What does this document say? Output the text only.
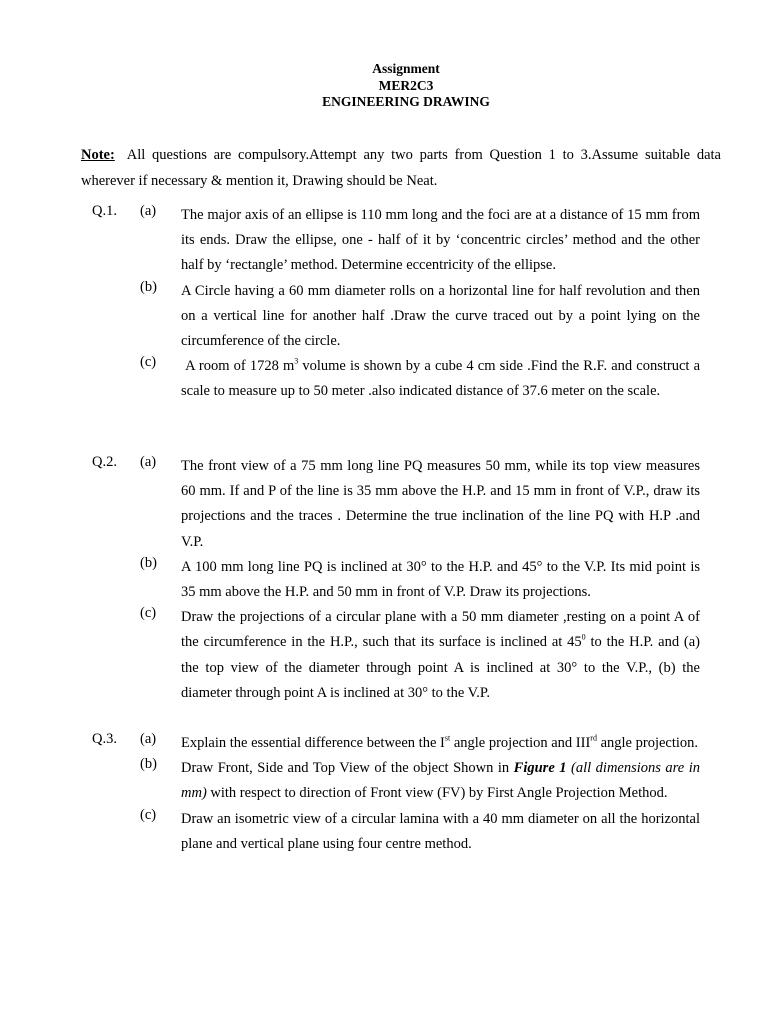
Assignment
MER2C3
ENGINEERING DRAWING
Note: All questions are compulsory.Attempt any two parts from Question 1 to 3.Assume suitable data wherever if necessary & mention it, Drawing should be Neat.
Q.1. (a) The major axis of an ellipse is 110 mm long and the foci are at a distance of 15 mm from its ends. Draw the ellipse, one - half of it by ‘concentric circles’ method and the other half by ‘rectangle’ method. Determine eccentricity of the ellipse.
(b) A Circle having a 60 mm diameter rolls on a horizontal line for half revolution and then on a vertical line for another half .Draw the curve traced out by a point lying on the circumference of the circle.
(c) A room of 1728 $m^3$ volume is shown by a cube 4 cm side .Find the R.F. and construct a scale to measure up to 50 meter .also indicated distance of 37.6 meter on the scale.
Q.2. (a) The front view of a 75 mm long line PQ measures 50 mm, while its top view measures 60 mm. If and P of the line is 35 mm above the H.P. and 15 mm in front of V.P., draw its projections and the traces . Determine the true inclination of the line PQ with H.P .and V.P.
(b) A 100 mm long line PQ is inclined at 30° to the H.P. and 45° to the V.P. Its mid point is 35 mm above the H.P. and 50 mm in front of V.P. Draw its projections.
(c) Draw the projections of a circular plane with a 50 mm diameter ,resting on a point A of the circumference in the H.P., such that its surface is inclined at $45^0$ to the H.P. and (a) the top view of the diameter through point A is inclined at 30° to the V.P., (b) the diameter through point A is inclined at 30° to the V.P.
Q.3. (a) Explain the essential difference between the Ist angle projection and IIIrd angle projection.
(b) Draw Front, Side and Top View of the object Shown in Figure 1 (all dimensions are in mm) with respect to direction of Front view (FV) by First Angle Projection Method.
(c) Draw an isometric view of a circular lamina with a 40 mm diameter on all the horizontal plane and vertical plane using four centre method.
